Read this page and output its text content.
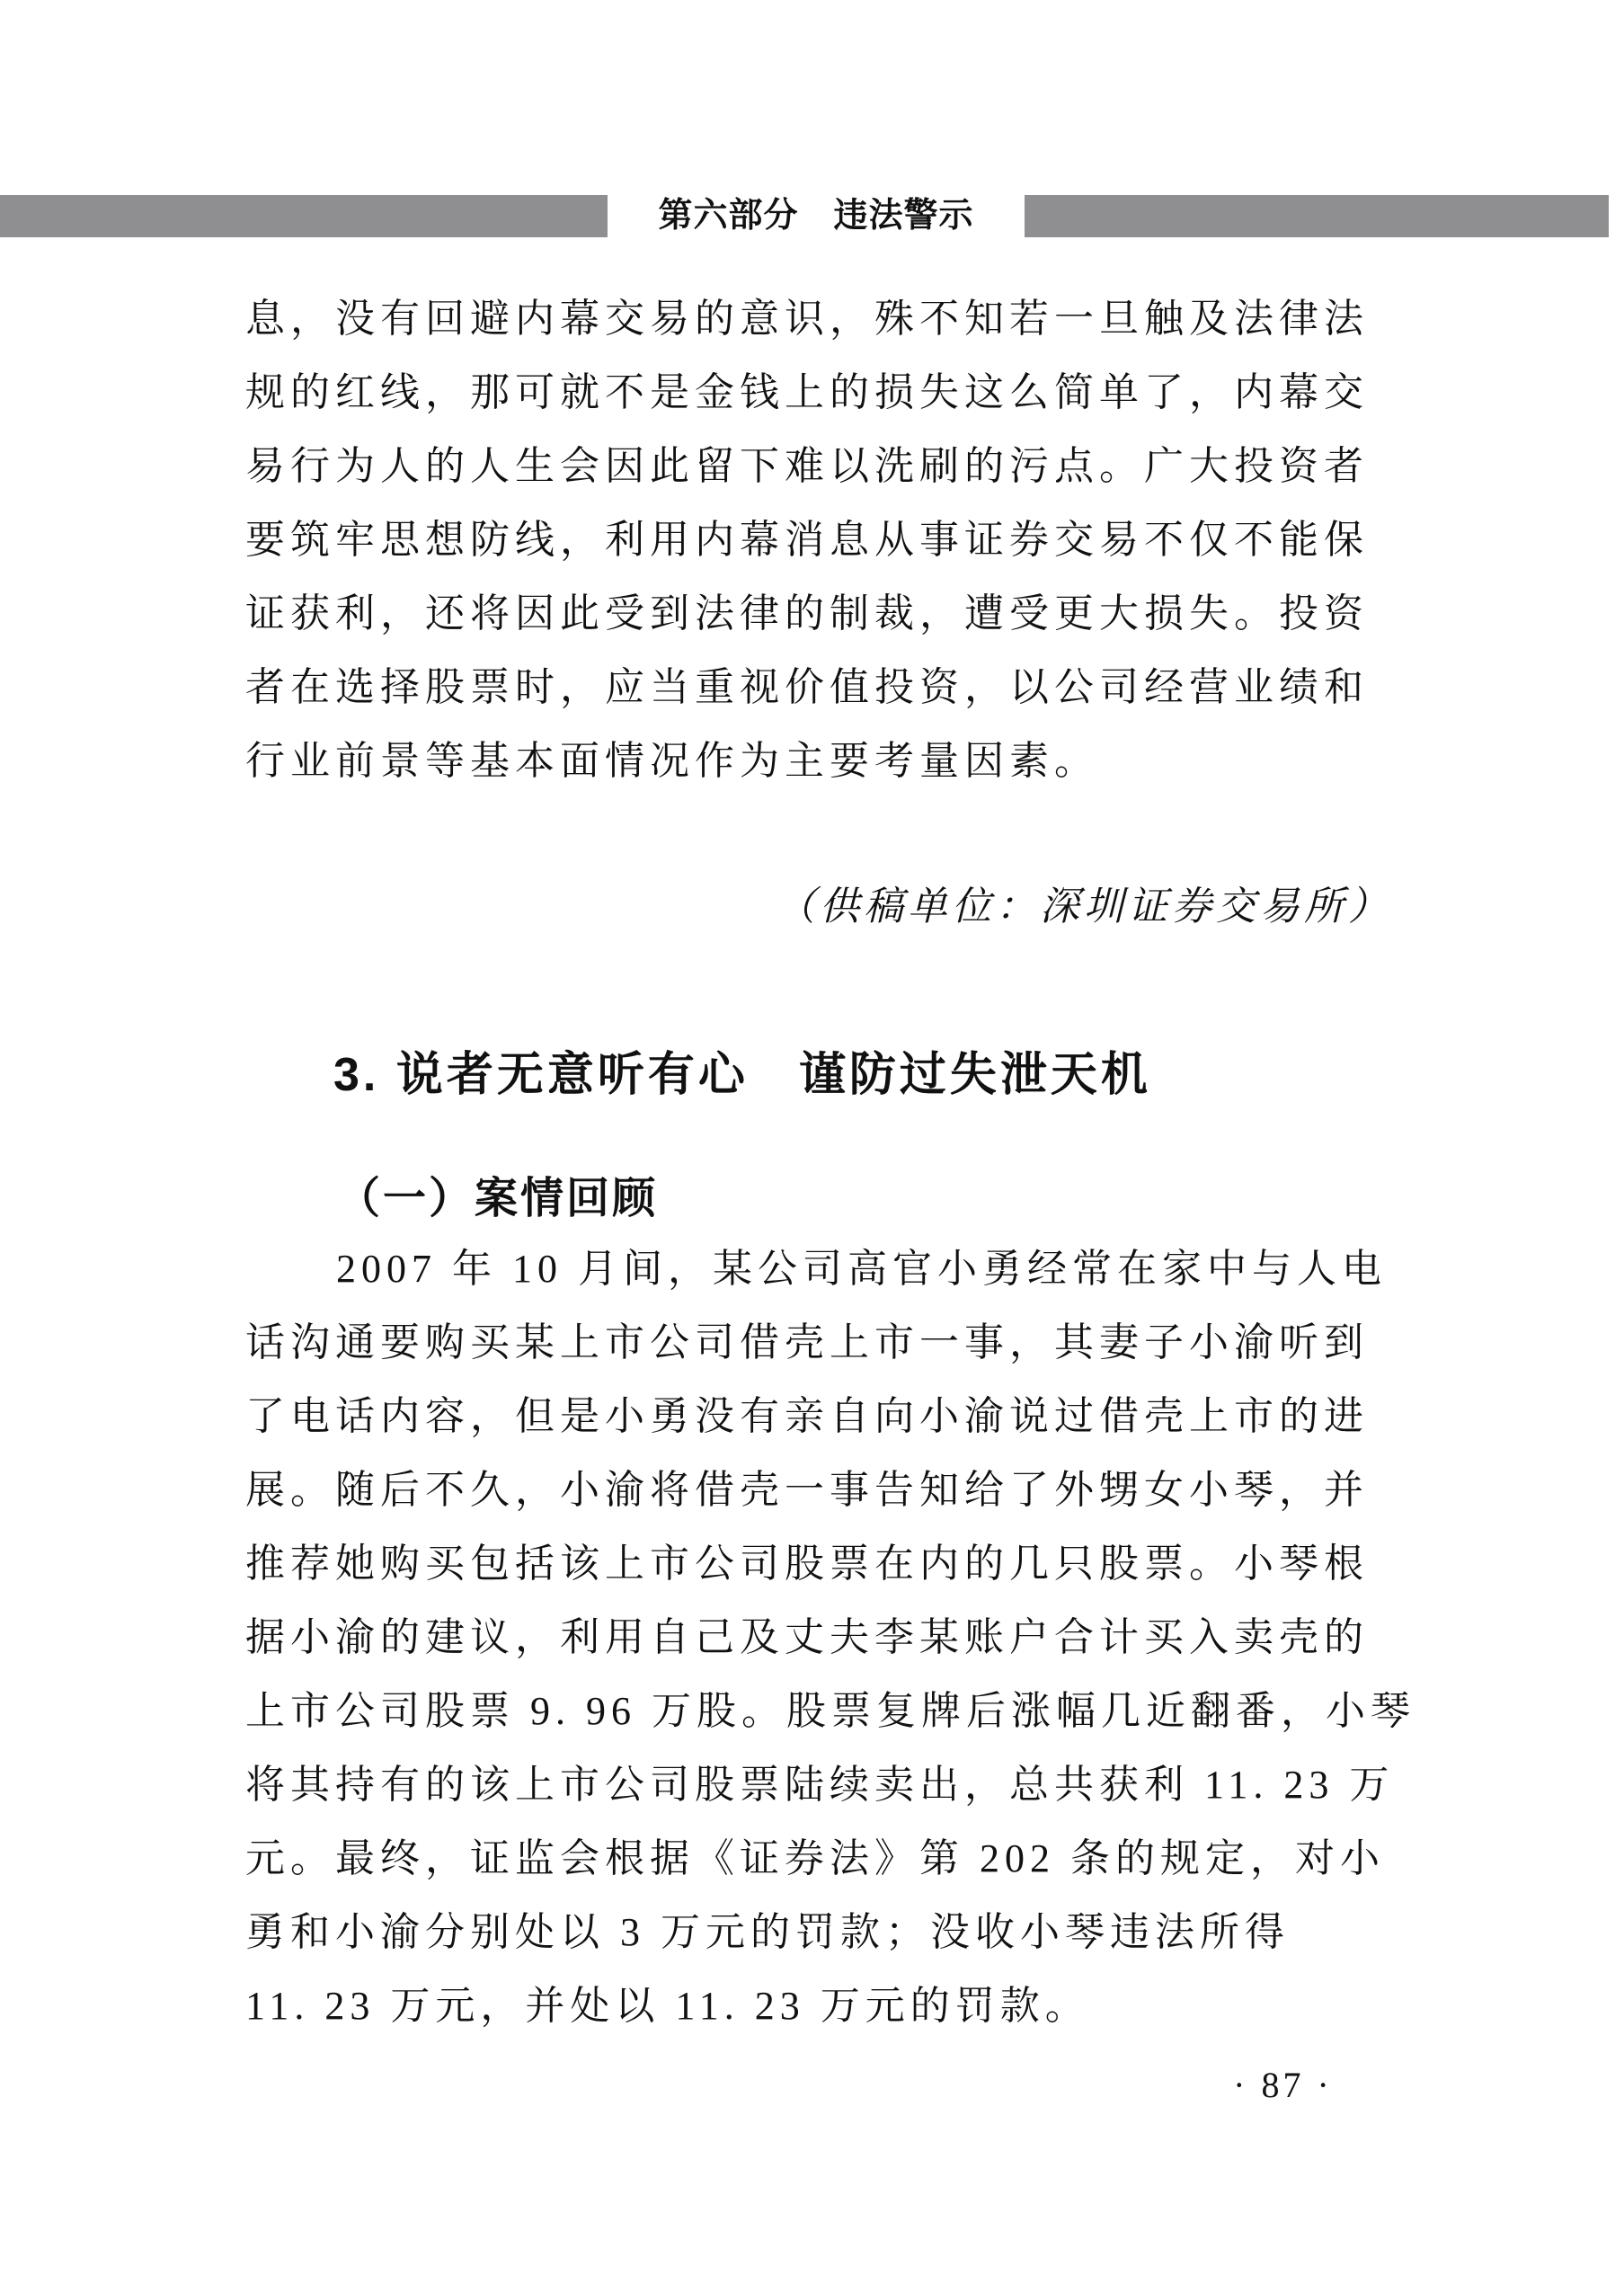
第六部分　违法警示
息，没有回避内幕交易的意识，殊不知若一旦触及法律法
规的红线，那可就不是金钱上的损失这么简单了，内幕交
易行为人的人生会因此留下难以洗刷的污点。广大投资者
要筑牢思想防线，利用内幕消息从事证券交易不仅不能保
证获利，还将因此受到法律的制裁，遭受更大损失。投资
者在选择股票时，应当重视价值投资，以公司经营业绩和
行业前景等基本面情况作为主要考量因素。
（供稿单位：深圳证券交易所）
3. 说者无意听有心　谨防过失泄天机
（一）案情回顾
2007 年 10 月间，某公司高官小勇经常在家中与人电
话沟通要购买某上市公司借壳上市一事，其妻子小渝听到
了电话内容，但是小勇没有亲自向小渝说过借壳上市的进
展。随后不久，小渝将借壳一事告知给了外甥女小琴，并
推荐她购买包括该上市公司股票在内的几只股票。小琴根
据小渝的建议，利用自己及丈夫李某账户合计买入卖壳的
上市公司股票 9. 96 万股。股票复牌后涨幅几近翻番，小琴
将其持有的该上市公司股票陆续卖出，总共获利 11. 23 万
元。最终，证监会根据《证券法》第 202 条的规定，对小
勇和小渝分别处以 3 万元的罚款；没收小琴违法所得
11. 23 万元，并处以 11. 23 万元的罚款。
· 87 ·
